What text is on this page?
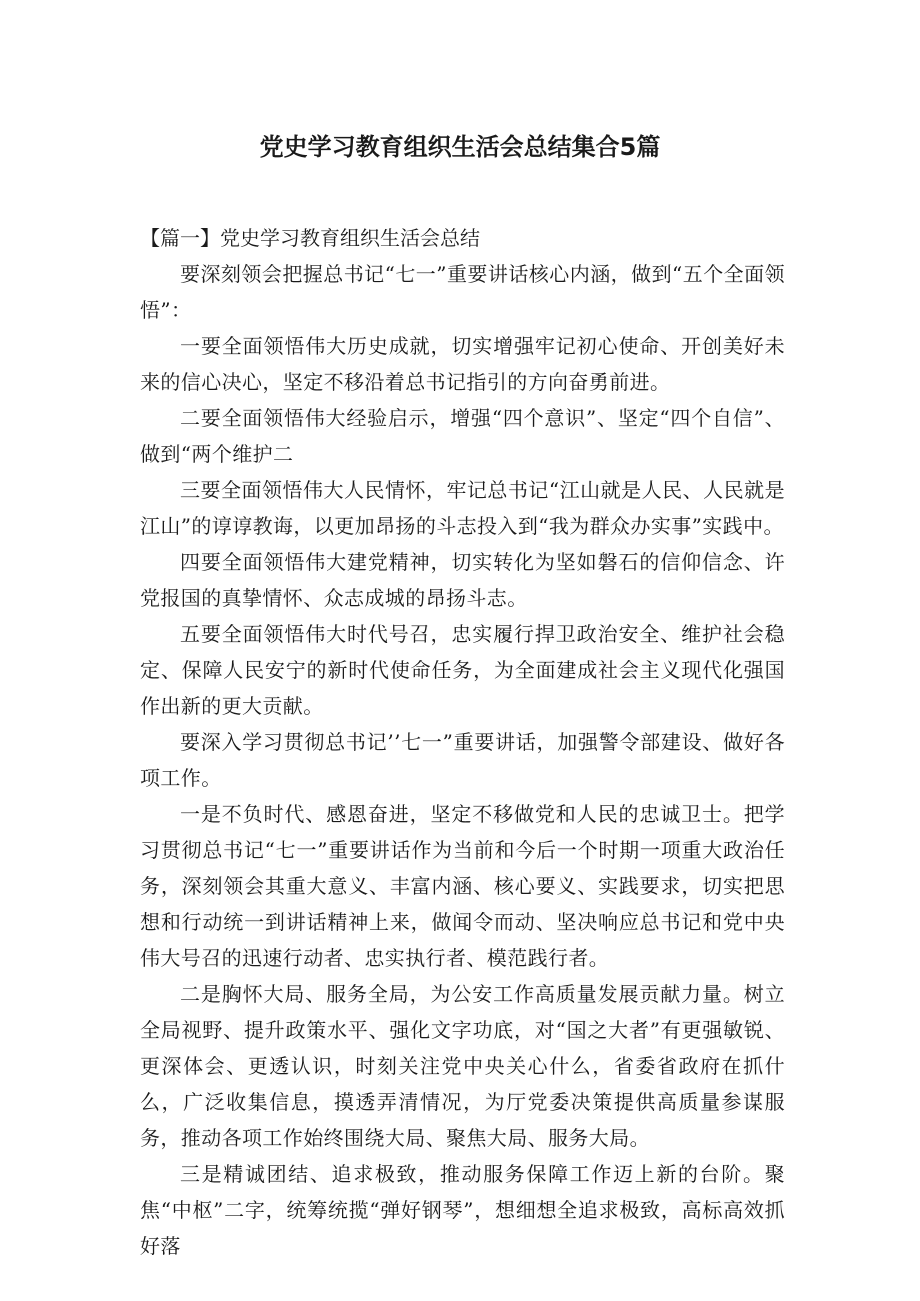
党史学习教育组织生活会总结集合5篇

【篇一】党史学习教育组织生活会总结

要深刻领会把握总书记“七一”重要讲话核心内涵，做到“五个全面领悟”：

一要全面领悟伟大历史成就，切实增强牢记初心使命、开创美好未来的信心决心，坚定不移沿着总书记指引的方向奋勇前进。

二要全面领悟伟大经验启示，增强“四个意识”、坚定“四个自信”、做到“两个维护二

三要全面领悟伟大人民情怀，牢记总书记“江山就是人民、人民就是江山”的谆谆教诲，以更加昂扬的斗志投入到“我为群众办实事”实践中。

四要全面领悟伟大建党精神，切实转化为坚如磐石的信仰信念、许党报国的真挚情怀、众志成城的昂扬斗志。

五要全面领悟伟大时代号召，忠实履行捍卫政治安全、维护社会稳定、保障人民安宁的新时代使命任务，为全面建成社会主义现代化强国作出新的更大贡献。

要深入学习贯彻总书记’’七一”重要讲话，加强警令部建设、做好各项工作。

一是不负时代、感恩奋进，坚定不移做党和人民的忠诚卫士。把学习贯彻总书记“七一”重要讲话作为当前和今后一个时期一项重大政治任务，深刻领会其重大意义、丰富内涵、核心要义、实践要求，切实把思想和行动统一到讲话精神上来，做闻令而动、坚决响应总书记和党中央伟大号召的迅速行动者、忠实执行者、模范践行者。

二是胸怀大局、服务全局，为公安工作高质量发展贡献力量。树立全局视野、提升政策水平、强化文字功底，对“国之大者”有更强敏锐、更深体会、更透认识，时刻关注党中央关心什么，省委省政府在抓什么，广泛收集信息，摸透弄清情况，为厅党委决策提供高质量参谋服务，推动各项工作始终围绕大局、聚焦大局、服务大局。

三是精诚团结、追求极致，推动服务保障工作迈上新的台阶。聚焦“中枢”二字，统筹统揽“弹好钢琴”，想细想全追求极致，高标高效抓好落
